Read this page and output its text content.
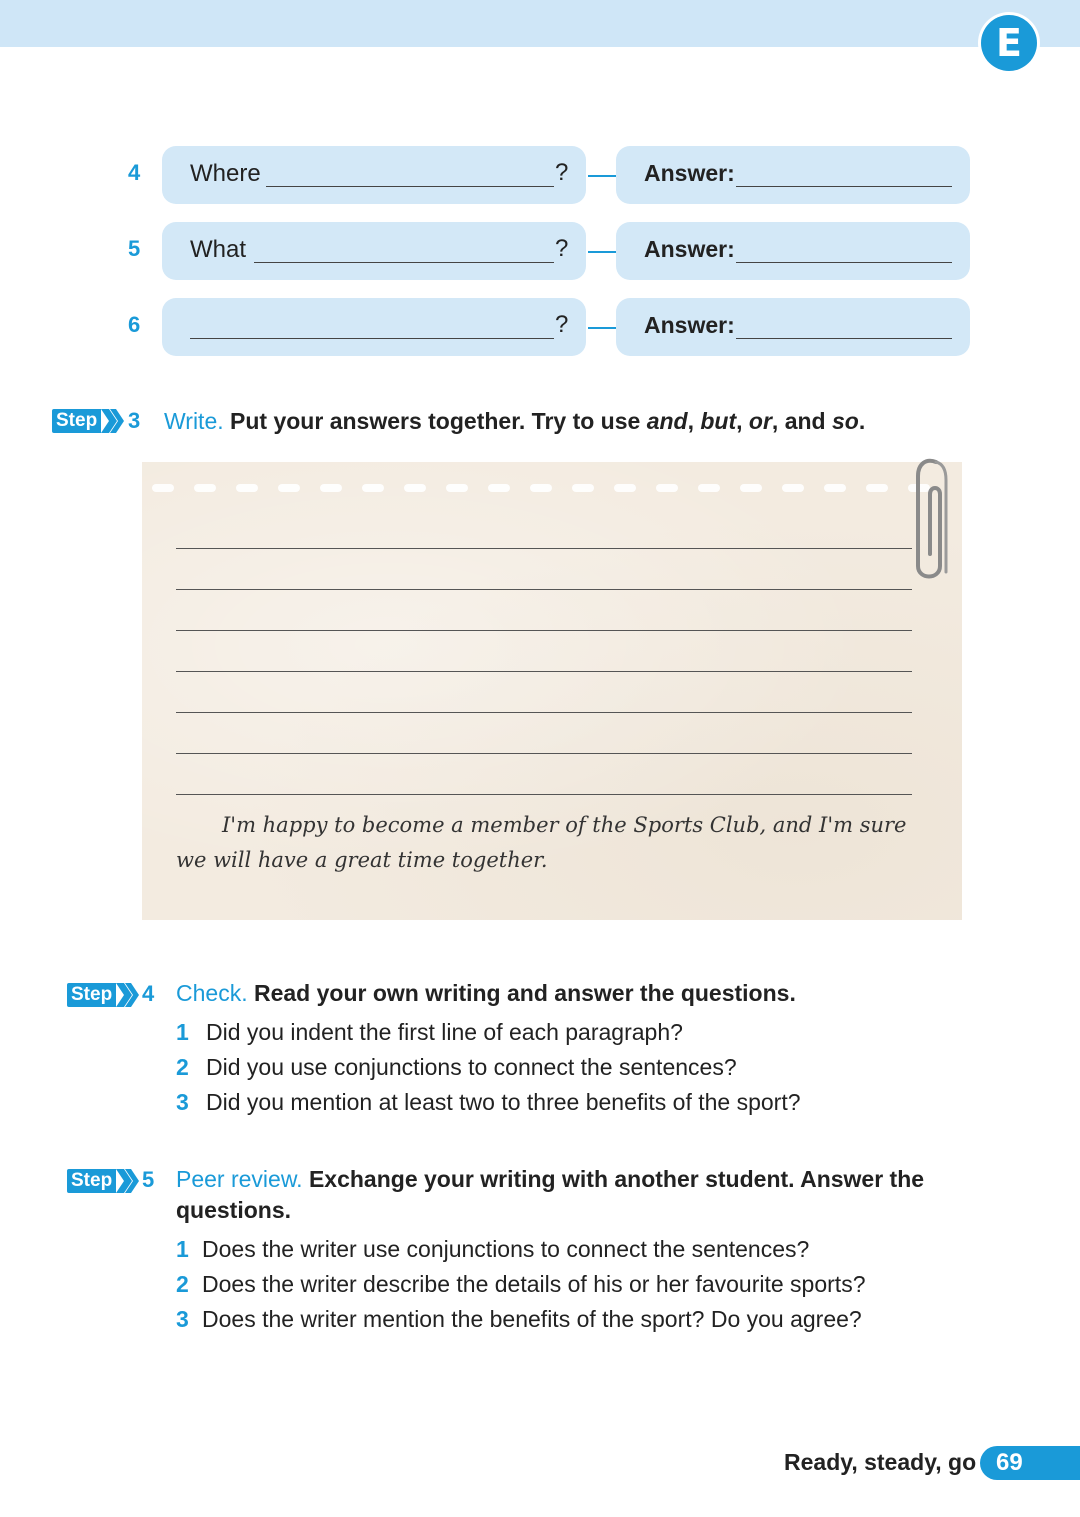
E
4 Where	?	Answer:
5 What	?	Answer:
6	?	Answer:
Step 3 Write. Put your answers together. Try to use and, but, or, and so.
I'm happy to become a member of the Sports Club, and I'm sure we will have a great time together.
Step 4 Check. Read your own writing and answer the questions.
1 Did you indent the first line of each paragraph?
2 Did you use conjunctions to connect the sentences?
3 Did you mention at least two to three benefits of the sport?
Step 5 Peer review. Exchange your writing with another student. Answer the
questions.
1 Does the writer use conjunctions to connect the sentences?
2 Does the writer describe the details of his or her favourite sports?
3 Does the writer mention the benefits of the sport? Do you agree?
Ready, steady, go 69
